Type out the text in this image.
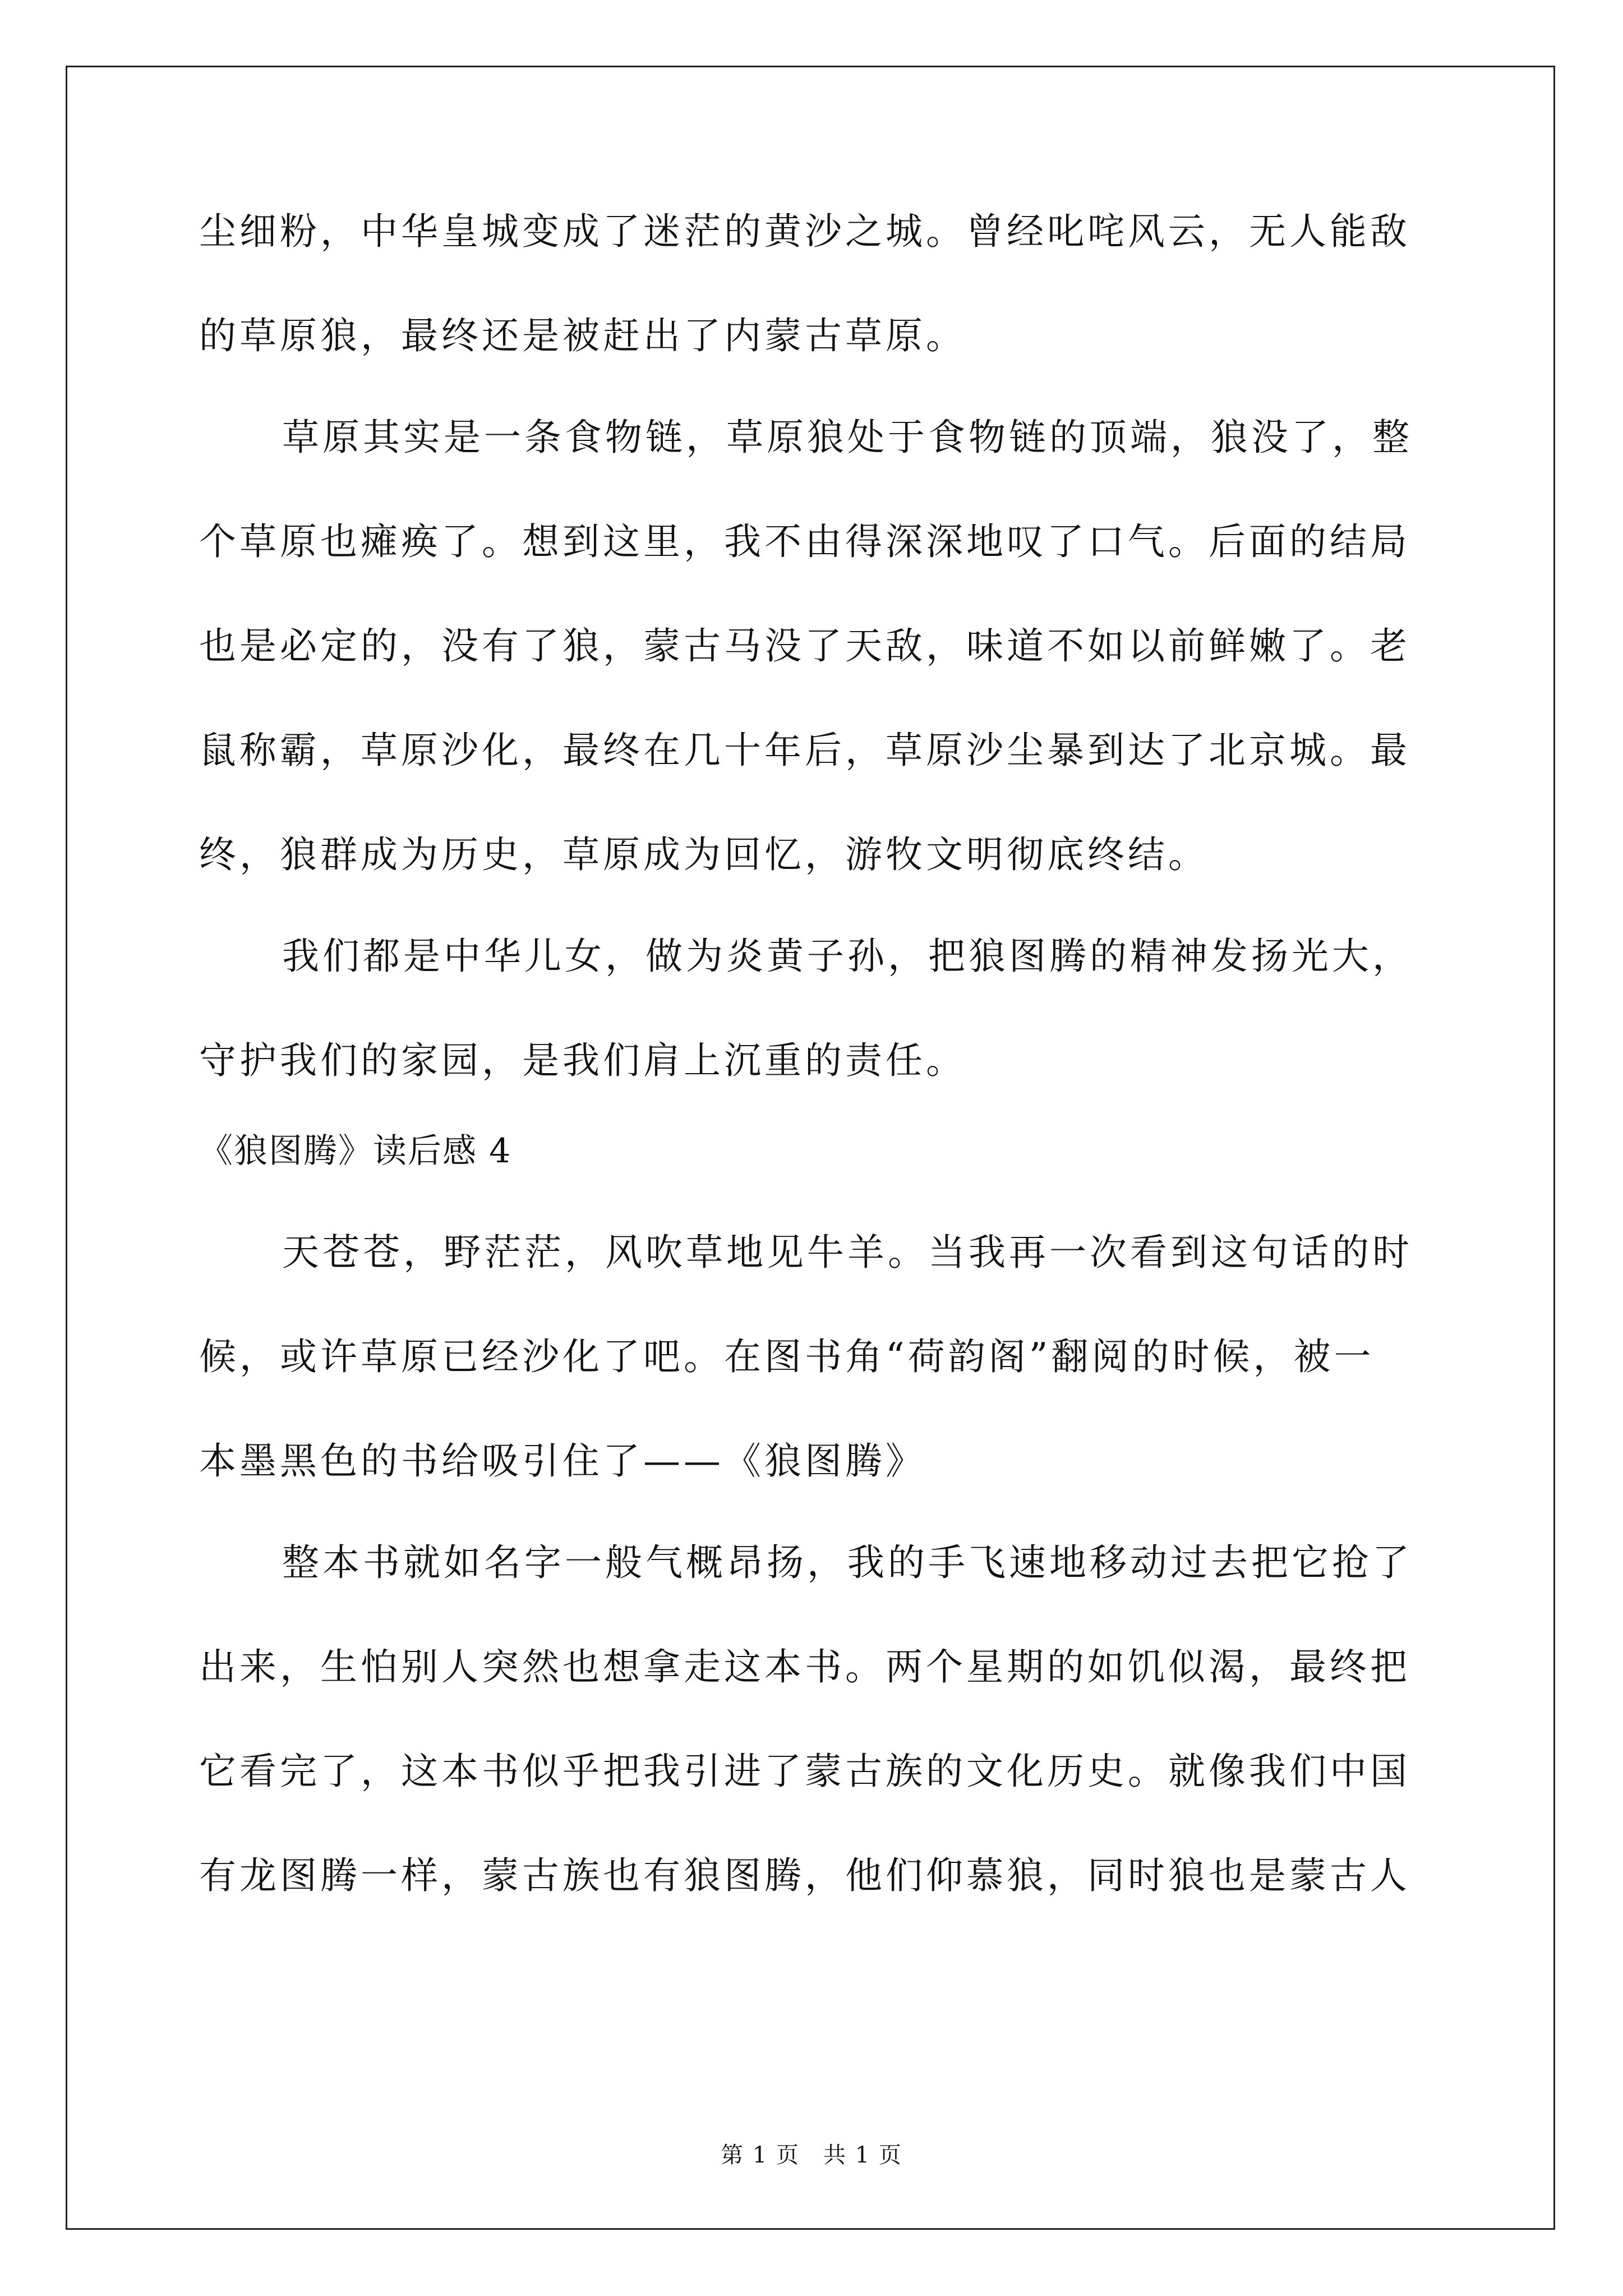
尘细粉，中华皇城变成了迷茫的黄沙之城。曾经叱咤风云，无人能敌

的草原狼，最终还是被赶出了内蒙古草原。

草原其实是一条食物链，草原狼处于食物链的顶端，狼没了，整

个草原也瘫痪了。想到这里，我不由得深深地叹了口气。后面的结局

也是必定的，没有了狼，蒙古马没了天敌，味道不如以前鲜嫩了。老

鼠称霸，草原沙化，最终在几十年后，草原沙尘暴到达了北京城。最

终，狼群成为历史，草原成为回忆，游牧文明彻底终结。

我们都是中华儿女，做为炎黄子孙，把狼图腾的精神发扬光大，

守护我们的家园，是我们肩上沉重的责任。

《狼图腾》读后感 4

天苍苍，野茫茫，风吹草地见牛羊。当我再一次看到这句话的时

候，或许草原已经沙化了吧。在图书角“荷韵阁”翻阅的时候，被一

本墨黑色的书给吸引住了——《狼图腾》

整本书就如名字一般气概昂扬，我的手飞速地移动过去把它抢了

出来，生怕别人突然也想拿走这本书。两个星期的如饥似渴，最终把

它看完了，这本书似乎把我引进了蒙古族的文化历史。就像我们中国

有龙图腾一样，蒙古族也有狼图腾，他们仰慕狼，同时狼也是蒙古人

第 1 页　共 1 页
